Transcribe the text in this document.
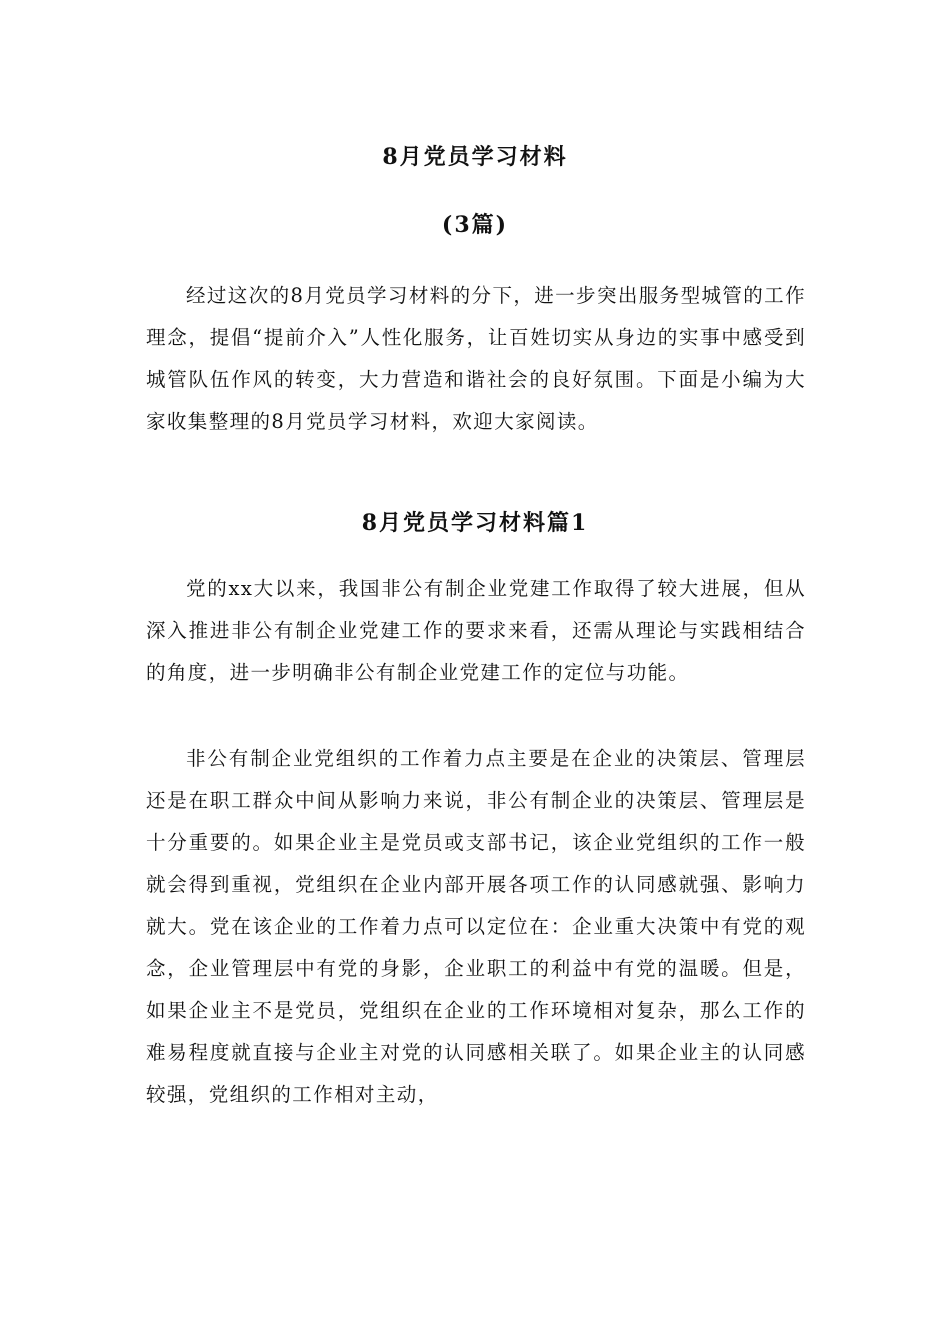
8月党员学习材料
(3篇)
经过这次的8月党员学习材料的分下，进一步突出服务型城管的工作理念，提倡“提前介入”人性化服务，让百姓切实从身边的实事中感受到城管队伍作风的转变，大力营造和谐社会的良好氛围。下面是小编为大家收集整理的8月党员学习材料，欢迎大家阅读。
8月党员学习材料篇1
党的xx大以来，我国非公有制企业党建工作取得了较大进展，但从深入推进非公有制企业党建工作的要求来看，还需从理论与实践相结合的角度，进一步明确非公有制企业党建工作的定位与功能。
非公有制企业党组织的工作着力点主要是在企业的决策层、管理层还是在职工群众中间从影响力来说，非公有制企业的决策层、管理层是十分重要的。如果企业主是党员或支部书记，该企业党组织的工作一般就会得到重视，党组织在企业内部开展各项工作的认同感就强、影响力就大。党在该企业的工作着力点可以定位在：企业重大决策中有党的观念，企业管理层中有党的身影，企业职工的利益中有党的温暖。但是，如果企业主不是党员，党组织在企业的工作环境相对复杂，那么工作的难易程度就直接与企业主对党的认同感相关联了。如果企业主的认同感较强，党组织的工作相对主动，
